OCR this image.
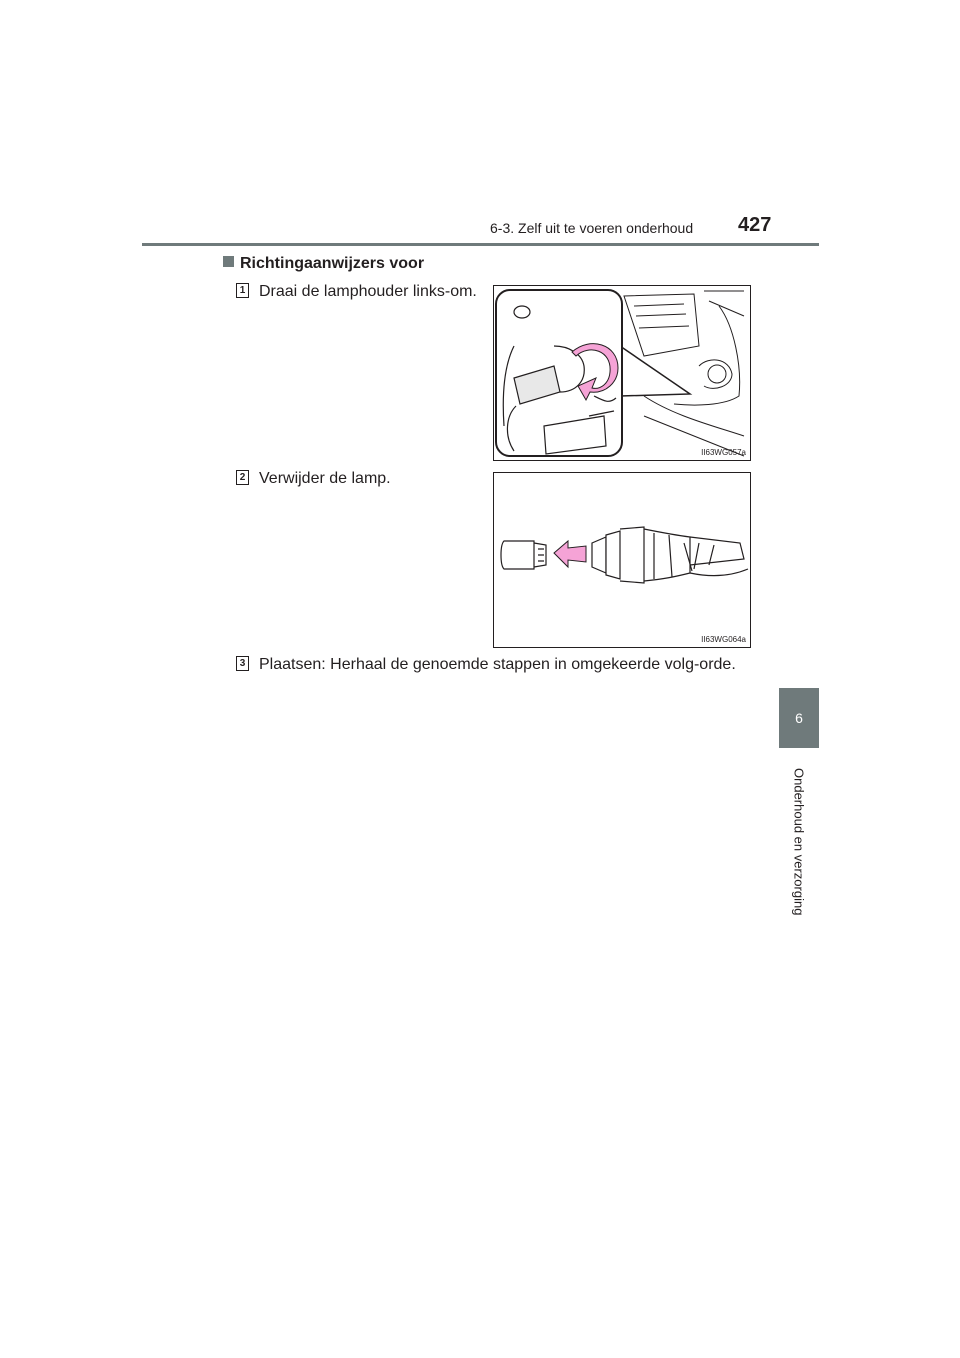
6-3. Zelf uit te voeren onderhoud	427
6
Onderhoud en verzorging
Richtingaanwijzers voor
1 Draai de lamphouder links-om.
II63WG057a
2 Verwijder de lamp.
II63WG064a
3 Plaatsen: Herhaal de genoemde stappen in omgekeerde volg-orde.
